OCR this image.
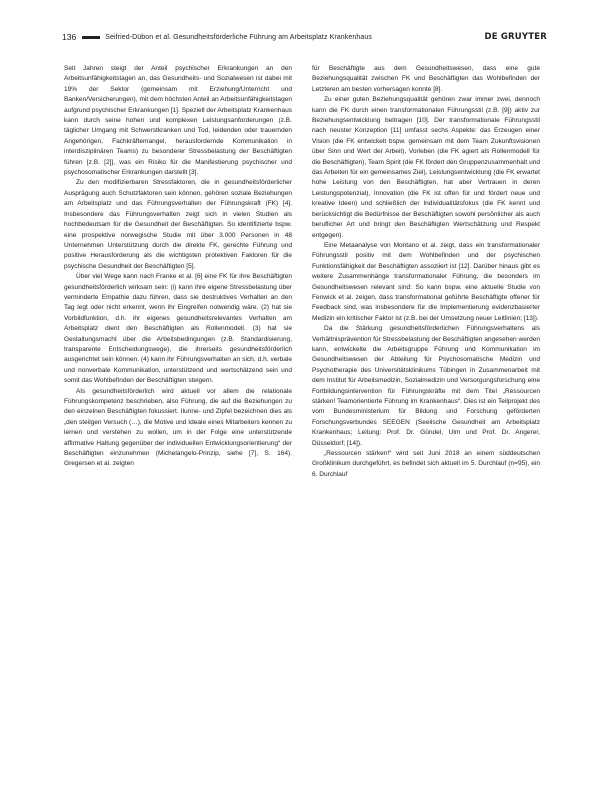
136	Seifried-Dübon et al. Gesundheitsförderliche Führung am Arbeitsplatz Krankenhaus	DE GRUYTER

Seit Jahren steigt der Anteil psychischer Erkrankungen an den Arbeitsunfähigkeitstagen an, das Gesundheits- und Sozialwesen ist dabei mit 19% der Sektor (gemeinsam mit Erziehung/Unterricht und Banken/Versicherungen), mit dem höchsten Anteil an Arbeitsunfähigkeitstagen aufgrund psychischer Erkrankungen [1]. Speziell der Arbeitsplatz Krankenhaus kann durch seine hohen und komplexen Leistungsanforderungen (z.B. täglicher Umgang mit Schwerstkranken und Tod, leidenden oder trauernden Angehörigen, Fachkräftemangel, herausfordernde Kommunikation in interdisziplinären Teams) zu besonderer Stressbelastung der Beschäftigten führen [z.B. [2]], was ein Risiko für die Manifestierung psychischer und psychosomatischer Erkrankungen darstellt [3].

Zu den modifizierbaren Stressfaktoren, die in gesundheitsförderlicher Ausprägung auch Schutzfaktoren sein können, gehören soziale Beziehungen am Arbeitsplatz und das Führungsverhalten der Führungskraft (FK) [4]. Insbesondere das Führungsverhalten zeigt sich in vielen Studien als hochbedeutsam für die Gesundheit der Beschäftigten. So identifizierte bspw. eine prospektive norwegische Studie mit über 3.000 Personen in 48 Unternehmen Unterstützung durch die direkte FK, gerechte Führung und positive Herausforderung als die wichtigsten protektiven Faktoren für die psychische Gesundheit der Beschäftigten [5].

Über viel Wege kann nach Franke et al. [6] eine FK für ihre Beschäftigten gesundheitsförderlich wirksam sein: (i) kann ihre eigene Stressbelastung über verminderte Empathie dazu führen, dass sie destruktives Verhalten an den Tag legt oder nicht erkennt, wenn ihr Eingreifen notwendig wäre. (2) hat sie Vorbildfunktion, d.h. ihr eigenes gesundheitsrelevantes Verhalten am Arbeitsplatz dient den Beschäftigten als Rollenmodell. (3) hat sie Gestaltungsmacht über die Arbeitsbedingungen (z.B. Standardisierung, transparente Entscheidungswege), die ihrerseits gesundheitsförderlich ausgerichtet sein können. (4) kann ihr Führungsverhalten an sich, d.h. verbale und nonverbale Kommunikation, unterstützend und wertschätzend sein und somit das Wohlbefinden der Beschäftigten steigern.

Als gesundheitsförderlich wird aktuell vor allem die relationale Führungskompetenz beschrieben, also Führung, die auf die Beziehungen zu den einzelnen Beschäftigten fokussiert. Ilunne- und Zipfel bezeichnen dies als „den steilgen Versuch (…), die Motive und Ideale eines Mitarbeiters kennen zu lernen und verstehen zu wollen, um in der Folge eine unterstützende affirmative Haltung gegenüber der individuellen Entwicklungsorientierung“ der Beschäftigten einzunehmen (Michelangelo-Prinzip, siehe [7], S. 164). Gregersen et al. zeigten

für Beschäftigte aus dem Gesundheitswesen, dass eine gute Beziehungsqualität zwischen FK und Beschäftigten das Wohlbefinden der Letzteren am besten vorhersagen konnte [8].

Zu einer guten Beziehungsqualität gehören zwar immer zwei, dennoch kann die FK durch einen transformationalen Führungsstil (z.B. [9]) aktiv zur Beziehungsentwicklung beitragen [10]. Der transformationale Führungsstil nach neuster Konzeption [11] umfasst sechs Aspekte: das Erzeugen einer Vision (die FK entwickelt bspw. gemeinsam mit dem Team Zukunftsvisionen über Sinn und Wert der Arbeit), Vorleben (die FK agiert als Rollenmodell für die Beschäftigten), Team Spirit (die FK fördert den Gruppenzusammenhalt und das Arbeiten für ein gemeinsames Ziel), Leistungsentwicklung (die FK erwartet hohe Leistung von den Beschäftigten, hat aber Vertrauen in deren Leistungspotenzial), Innovation (die FK ist offen für und fördert neue und kreative Ideen) und schließlich der Individualitätsfokus (die FK kennt und berücksichtigt die Bedürfnisse der Beschäftigten sowohl persönlicher als auch beruflicher Art und bringt den Beschäftigten Wertschätzung und Respekt entgegen).

Eine Metaanalyse von Montano et al. zeigt, dass ein transformationaler Führungsstil positiv mit dem Wohlbefinden und der psychischen Funktionsfähigkeit der Beschäftigten assoziiert ist [12]. Darüber hinaus gibt es weitere Zusammenhänge transformationaler Führung, die besonders im Gesundheitswesen relevant sind: So kann bspw. eine aktuelle Studie von Fenwick et al. zeigen, dass transformational geführte Beschäftigte offener für Feedback sind, was insbesondere für die Implementierung evidenzbasierter Medizin ein kritischer Faktor ist (z.B. bei der Umsetzung neuer Leitlinien; [13]).

Da die Stärkung gesundheitsförderlichen Führungsverhaltens als Verhältnisprävention für Stressbelastung der Beschäftigten angesehen werden kann, entwickelte die Arbeitsgruppe Führung und Kommunikation im Gesundheitswesen der Abteilung für Psychosomatische Medizin und Psychotherapie des Universitätsklinikums Tübingen in Zusammenarbeit mit dem Institut für Arbeitsmedizin, Sozialmedizin und Versorgungsforschung eine Fortbildungsintervention für Führungskräfte mit dem Titel „Ressourcen stärken! Teamorientierte Führung im Krankenhaus“. Dies ist ein Teilprojekt des vom Bundesministerium für Bildung und Forschung geförderten Forschungsverbundes SEEGEN (Seelische Gesundheit am Arbeitsplatz Krankenhaus; Leitung: Prof. Dr. Gündel, Ulm und Prof. Dr. Angerer, Düsseldorf; [14]).

„Ressourcen stärken!“ wird seit Juni 2018 an einem süddeutschen Großklinikum durchgeführt, es befindet sich aktuell im 5. Durchlauf (n=95), ein 6. Durchlauf
